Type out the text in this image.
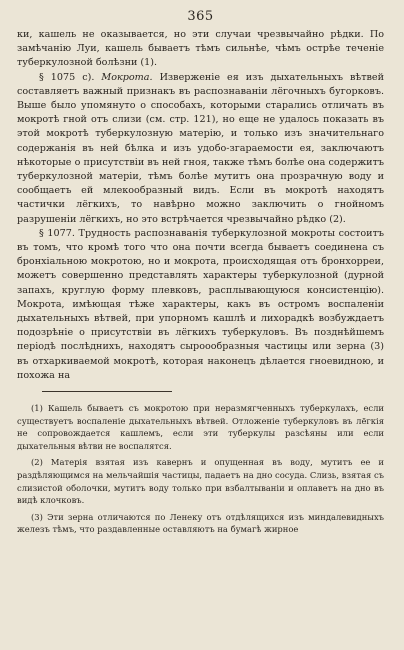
365

ки, кашель не оказывается, но эти случаи чрезвычайно рѣдки. По замѣчанію Луи, кашель бываетъ тѣмъ сильнѣе, чѣмъ острѣе теченіе туберкулозной болѣзни (1).

§ 1075 c). Мокрота. Изверженіе ея изъ дыхательныхъ вѣтвей составляетъ важный признакъ въ распознаваніи лёгочныхъ бугорковъ. Выше было упомянуто о способахъ, которыми старались отличать въ мокротѣ гной отъ слизи (см. стр. 121), но еще не удалось показать въ этой мокротѣ туберкулозную матерію, и только изъ значительнаго содержанія въ ней бѣлка и изъ удобо-згараемости ея, заключаютъ нѣкоторые о присутствіи въ ней гноя, также тѣмъ болѣе она содержитъ туберкулозной матеріи, тѣмъ болѣе мутитъ она прозрачную воду и сообщаетъ ей млекообразный видъ. Если въ мокротѣ находятъ частички лёгкихъ, то навѣрно можно заключить о гнойномъ разрушеніи лёгкихъ, но это встрѣчается чрезвычайно рѣдко (2).

§ 1077. Трудность распознаванія туберкулозной мокроты состоитъ въ томъ, что кромѣ того что она почти всегда бываетъ соединена съ бронхіальною мокротою, но и мокрота, происходящая отъ бронхорреи, можетъ совершенно представлять характеры туберкулозной (дурной запахъ, круглую форму плевковъ, расплывающуюся консистенцію). Мокрота, имѣющая тѣже характеры, какъ въ остромъ воспаленіи дыхательныхъ вѣтвей, при упорномъ кашлѣ и лихорадкѣ возбуждаетъ подозрѣніе о присутствіи въ лёгкихъ туберкуловъ. Въ позднѣйшемъ періодѣ послѣднихъ, находятъ сыроообразныя частицы или зерна (3) въ отхаркиваемой мокротѣ, которая наконецъ дѣлается гноевидною, и похожа на

(1) Кашель бываетъ съ мокротою при неразмягченныхъ туберкулахъ, если существуетъ воспаленіе дыхательныхъ вѣтвей. Отложеніе туберкуловъ въ лёгкія не сопровождается кашлемъ, если эти туберкулы разсѣяны или если дыхательныя вѣтви не воспалятся.

(2) Матерія взятая изъ кавернъ и опущенная въ воду, мутитъ ее и раздѣляющимся на мельчайшія частицы, падаетъ на дно сосуда. Слизь, взятая съ слизистой оболочки, мутитъ воду только при взбалтываніи и оплаветъ на дно въ видѣ клочковъ.

(3) Эти зерна отличаются по Ленеку отъ отдѣлящихся изъ миндалевидныхъ железъ тѣмъ, что раздавленные оставляютъ на бумагѣ жирное
